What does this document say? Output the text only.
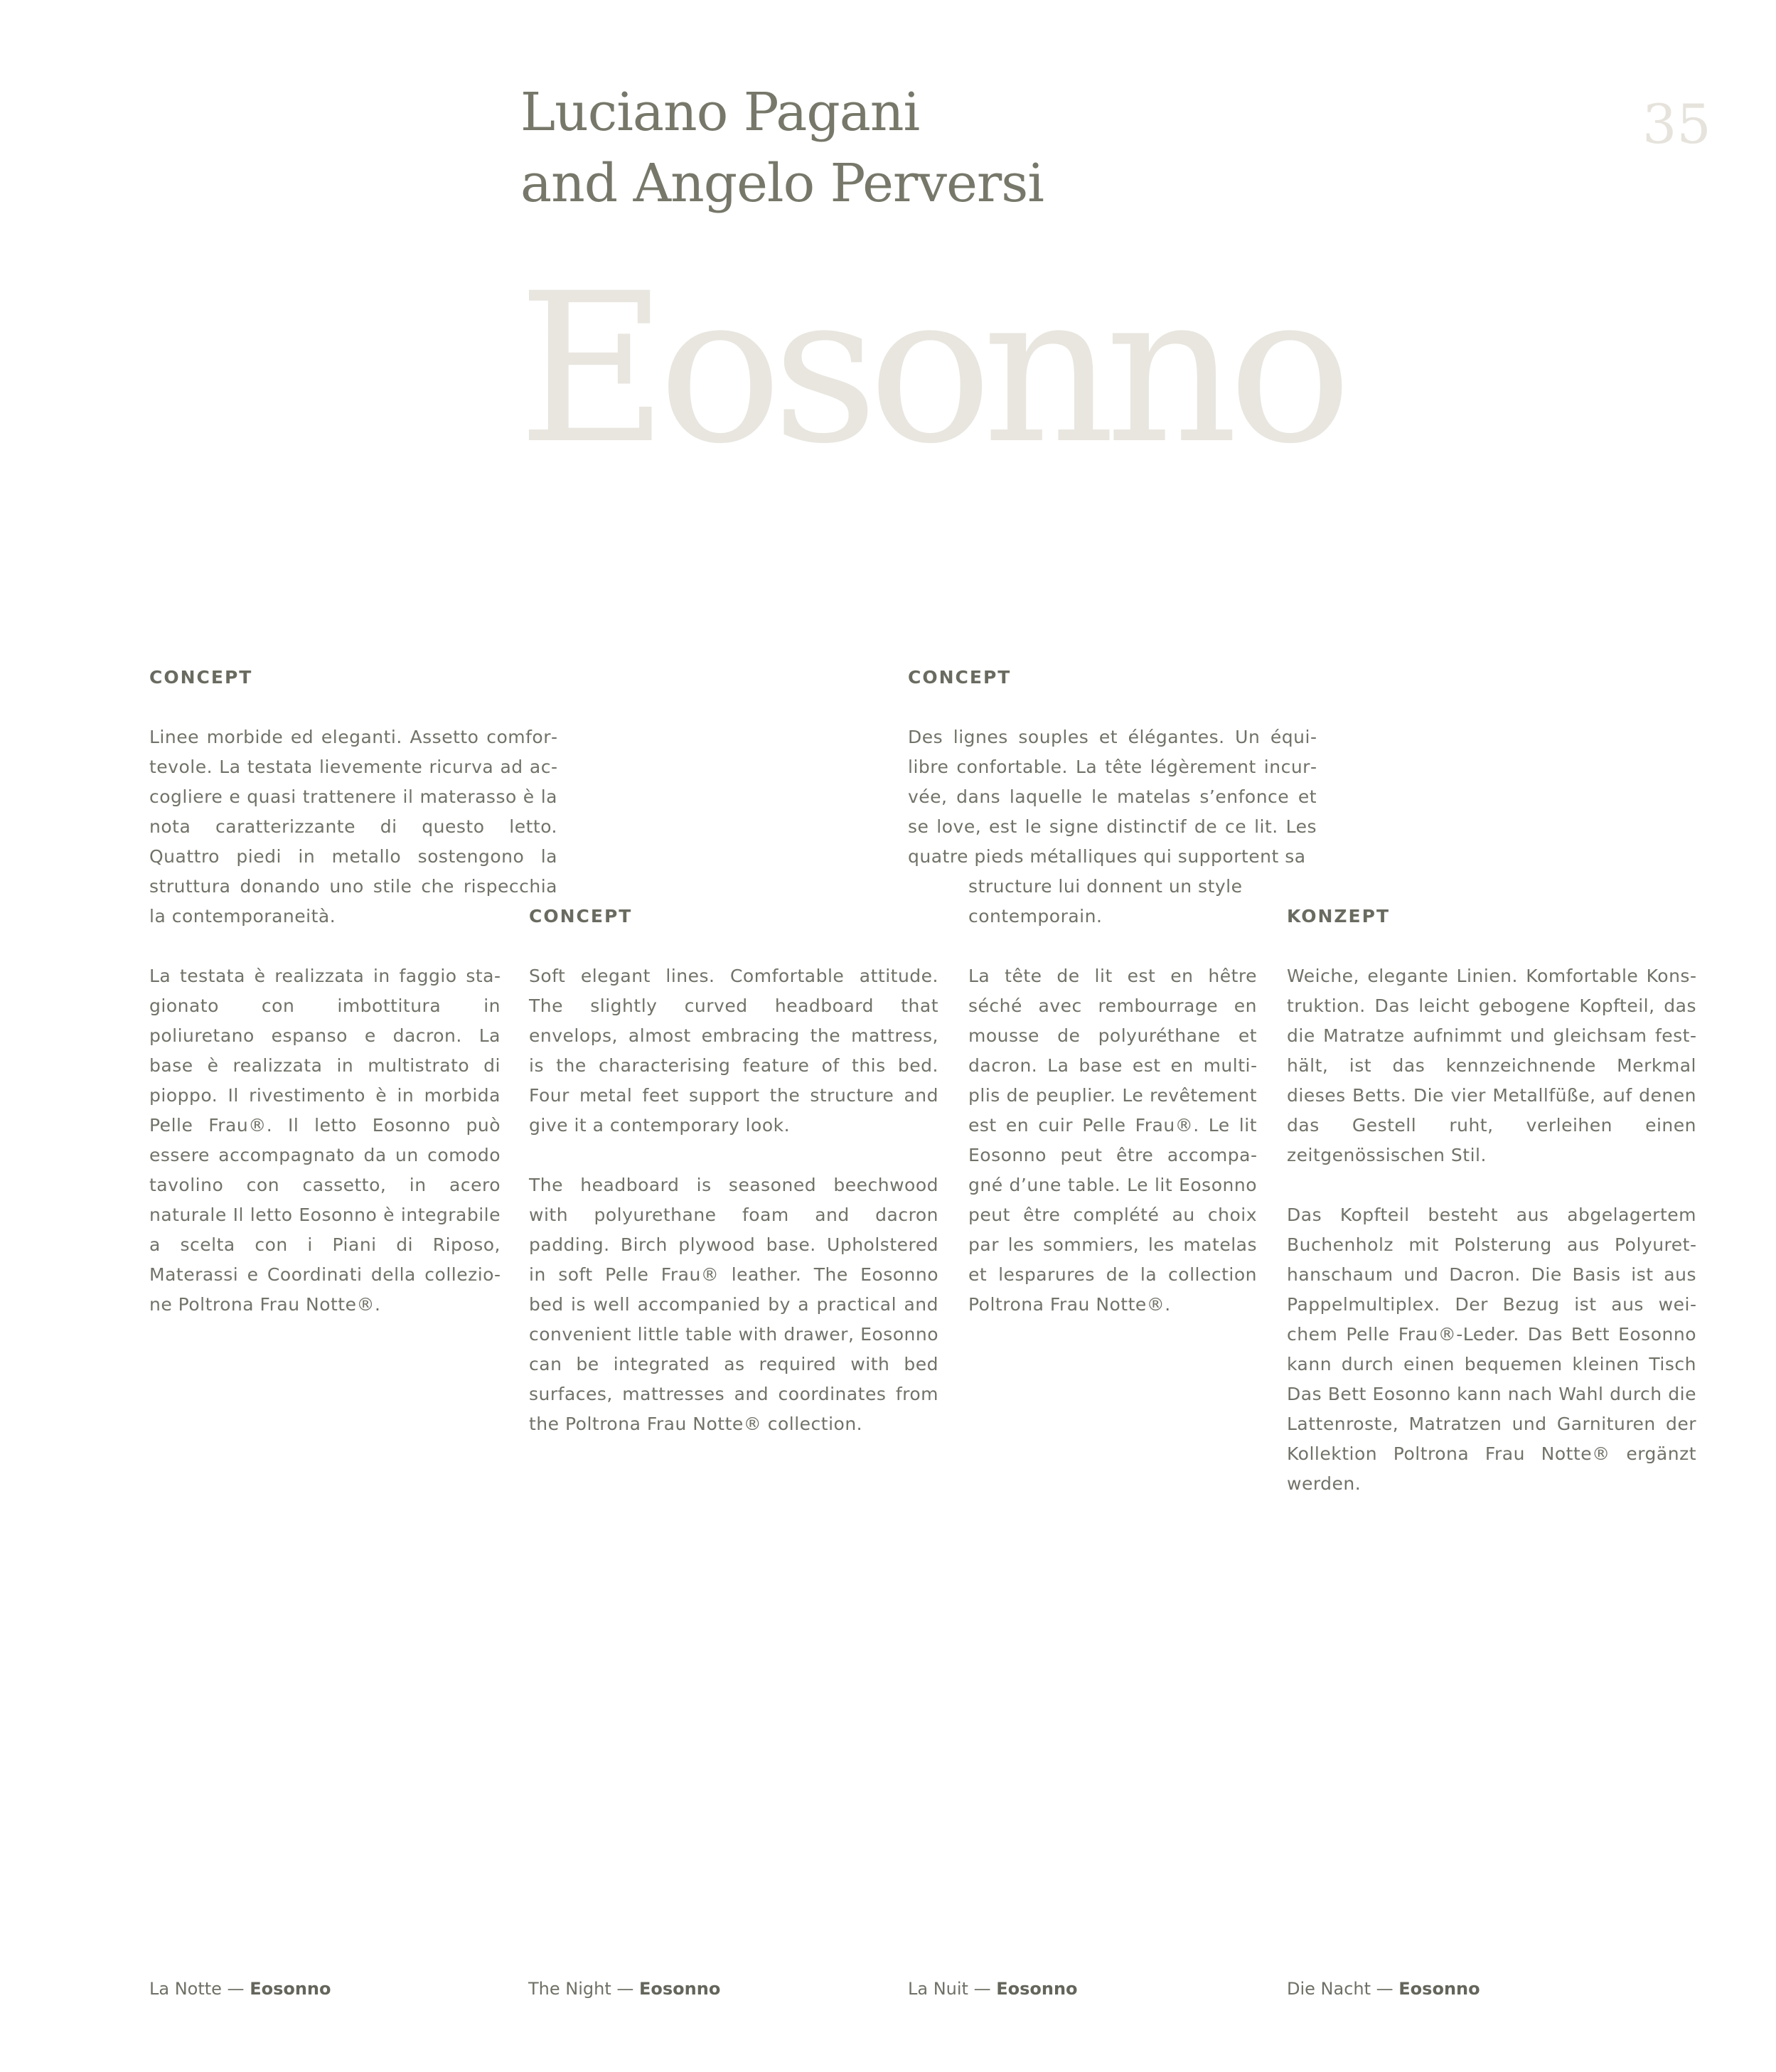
Luciano Pagani
and Angelo Perversi
35
Eosonno
CONCEPT

Linee morbide ed eleganti. Assetto comfortevole. La testata lievemente ricurva ad accogliere e quasi trattenere il materasso è la nota caratterizzante di questo letto. Quattro piedi in metallo sostengono la struttura donando uno stile che rispecchia la contemporaneità.

La testata è realizzata in faggio stagionato con imbottitura in poliuretano espanso e dacron. La base è realizzata in multistrato di pioppo. Il rivestimento è in morbida Pelle Frau®. Il letto Eosonno può essere accompagnato da un comodo tavolino con cassetto, in acero naturale Il letto Eosonno è integrabile a scelta con i Piani di Riposo, Materassi e Coordinati della collezione Poltrona Frau Notte®.

CONCEPT

Soft elegant lines. Comfortable attitude. The slightly curved headboard that envelops, almost embracing the mattress, is the characterising feature of this bed. Four metal feet support the structure and give it a contemporary look.

The headboard is seasoned beechwood with polyurethane foam and dacron padding. Birch plywood base. Upholstered in soft Pelle Frau® leather. The Eosonno bed is well accompanied by a practical and convenient little table with drawer, Eosonno can be integrated as required with bed surfaces, mattresses and coordinates from the Poltrona Frau Notte® collection.

CONCEPT

Des lignes souples et élégantes. Un équilibre confortable. La tête légèrement incurvée, dans laquelle le matelas s’enfonce et se love, est le signe distinctif de ce lit. Les quatre pieds métalliques qui supportent sa

structure lui donnent un style contemporain.

La tête de lit est en hêtre séché avec rembourrage en mousse de polyuréthane et dacron. La base est en multiplis de peuplier. Le revêtement est en cuir Pelle Frau®. Le lit Eosonno peut être accompagné d’une table. Le lit Eosonno peut être complété au choix par les sommiers, les matelas et lesparures de la collection Poltrona Frau Notte®.

KONZEPT

Weiche, elegante Linien. Komfortable Konstruktion. Das leicht gebogene Kopfteil, das die Matratze aufnimmt und gleichsam festhält, ist das kennzeichnende Merkmal dieses Betts. Die vier Metallfüße, auf denen das Gestell ruht, verleihen einen zeitgenössischen Stil.

Das Kopfteil besteht aus abgelagertem Buchenholz mit Polsterung aus Polyurethanschaum und Dacron. Die Basis ist aus Pappelmultiplex. Der Bezug ist aus weichem Pelle Frau®-Leder. Das Bett Eosonno kann durch einen bequemen kleinen Tisch Das Bett Eosonno kann nach Wahl durch die Lattenroste, Matratzen und Garnituren der Kollektion Poltrona Frau Notte® ergänzt werden.

La Notte — Eosonno	The Night — Eosonno	La Nuit — Eosonno	Die Nacht — Eosonno
